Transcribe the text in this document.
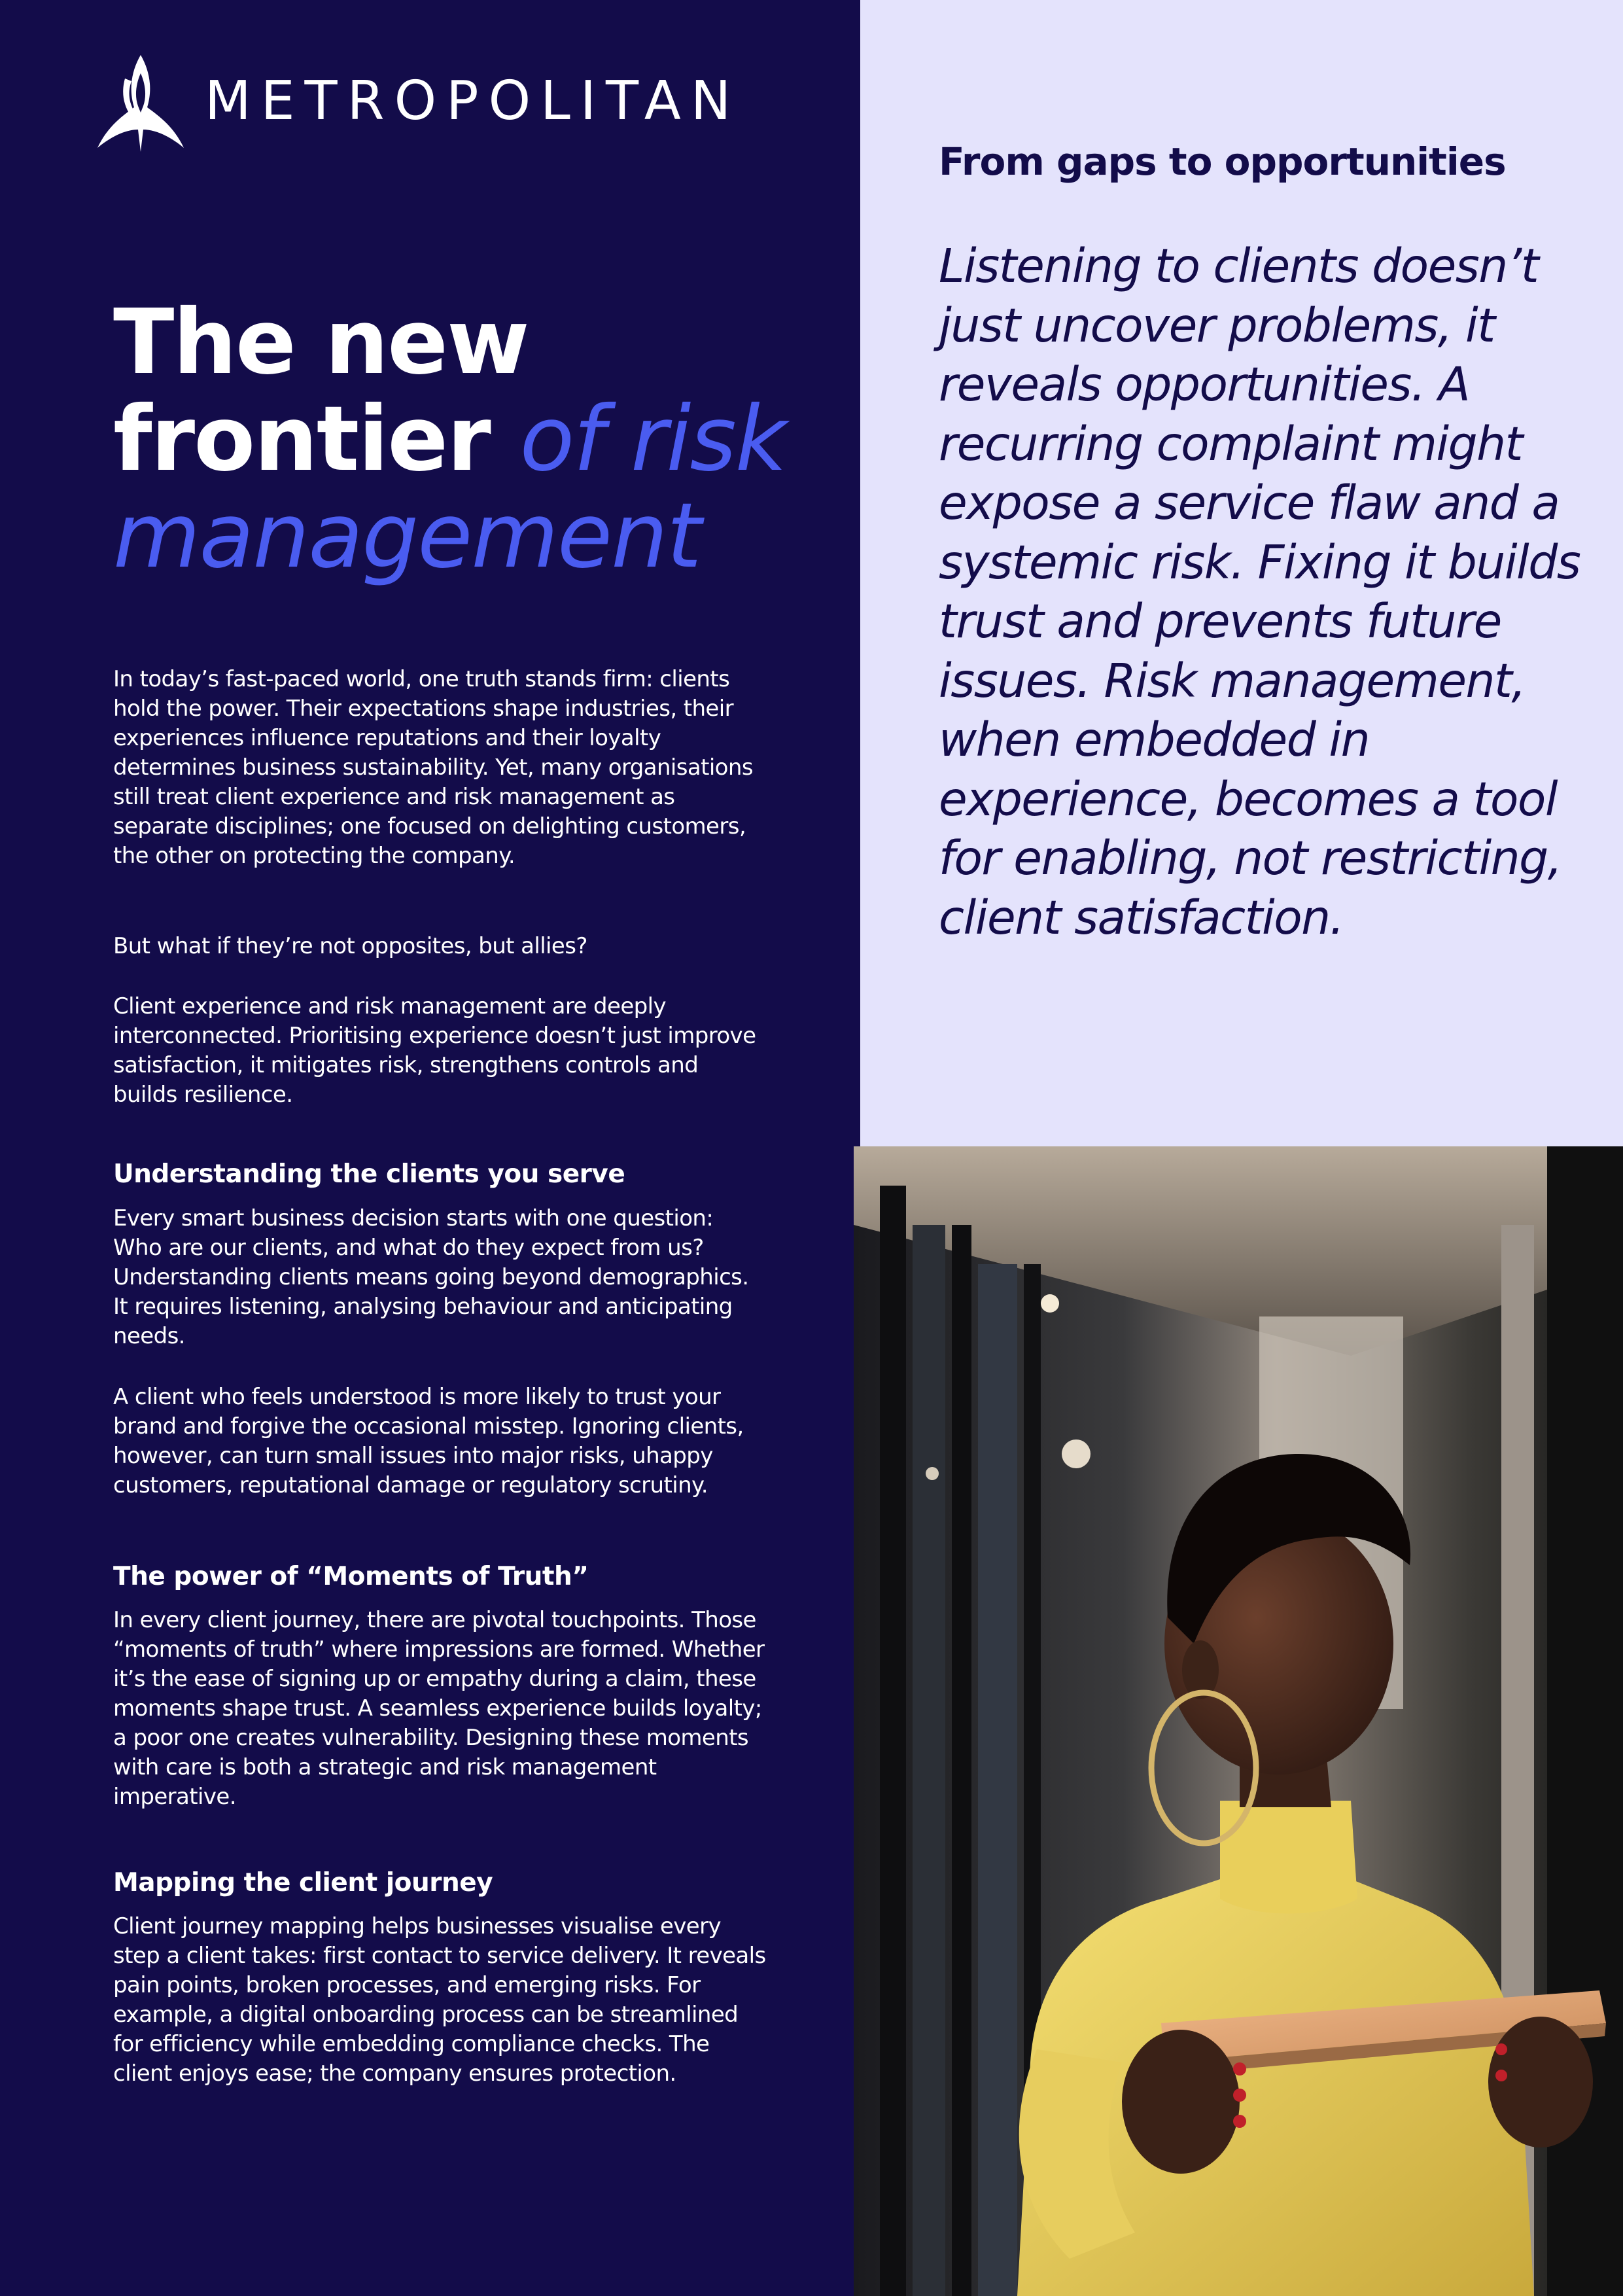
METROPOLITAN
The new
frontier of risk
management

In today’s fast-paced world, one truth stands firm: clients hold the power. Their expectations shape industries, their experiences influence reputations and their loyalty determines business sustainability. Yet, many organisations still treat client experience and risk management as separate disciplines; one focused on delighting customers, the other on protecting the company.

But what if they’re not opposites, but allies?

Client experience and risk management are deeply interconnected. Prioritising experience doesn’t just improve satisfaction, it mitigates risk, strengthens controls and builds resilience.

Understanding the clients you serve

Every smart business decision starts with one question: Who are our clients, and what do they expect from us? Understanding clients means going beyond demographics. It requires listening, analysing behaviour and anticipating needs.

A client who feels understood is more likely to trust your brand and forgive the occasional misstep. Ignoring clients, however, can turn small issues into major risks, uhappy customers, reputational damage or regulatory scrutiny.

The power of “Moments of Truth”

In every client journey, there are pivotal touchpoints. Those “moments of truth” where impressions are formed. Whether it’s the ease of signing up or empathy during a claim, these moments shape trust. A seamless experience builds loyalty; a poor one creates vulnerability. Designing these moments with care is both a strategic and risk management imperative.

Mapping the client journey

Client journey mapping helps businesses visualise every step a client takes: first contact to service delivery. It reveals pain points, broken processes, and emerging risks. For example, a digital onboarding process can be streamlined for efficiency while embedding compliance checks. The client enjoys ease; the company ensures protection.

From gaps to opportunities

Listening to clients doesn’t just uncover problems, it reveals opportunities. A recurring complaint might expose a service flaw and a systemic risk. Fixing it builds trust and prevents future issues. Risk management, when embedded in experience, becomes a tool for enabling, not restricting, client satisfaction.
